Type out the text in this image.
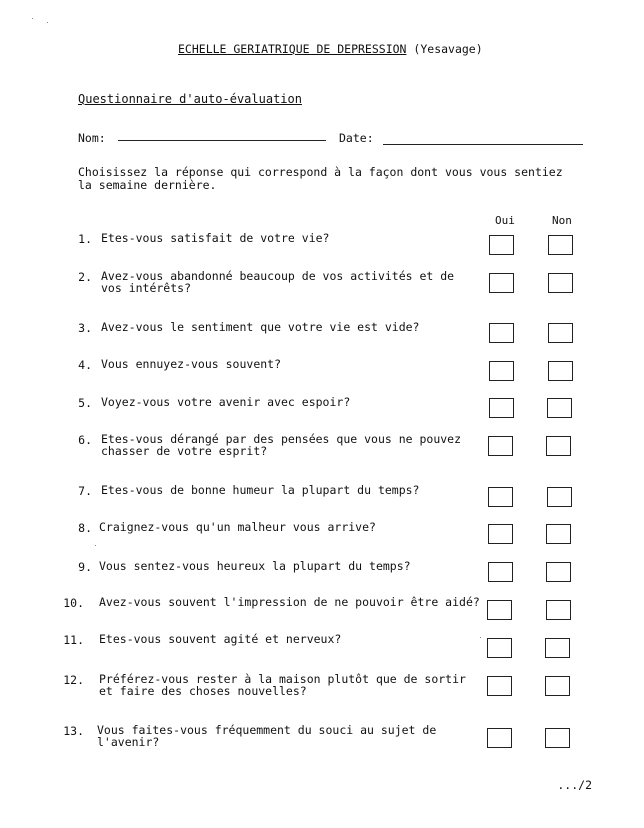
ECHELLE GERIATRIQUE DE DEPRESSION (Yesavage)
Questionnaire d'auto-évaluation
Nom:	Date:
Choisissez la réponse qui correspond à la façon dont vous vous sentiez la semaine dernière.
Oui	Non
1. Etes-vous satisfait de votre vie?
2. Avez-vous abandonné beaucoup de vos activités et de
vos intérêts?
3. Avez-vous le sentiment que votre vie est vide?
4. Vous ennuyez-vous souvent?
5. Voyez-vous votre avenir avec espoir?
6. Etes-vous dérangé par des pensées que vous ne pouvez
chasser de votre esprit?
7. Etes-vous de bonne humeur la plupart du temps?
8. Craignez-vous qu'un malheur vous arrive?
9. Vous sentez-vous heureux la plupart du temps?
10. Avez-vous souvent l'impression de ne pouvoir être aidé?
11. Etes-vous souvent agité et nerveux?
12. Préférez-vous rester à la maison plutôt que de sortir
et faire des choses nouvelles?
13. Vous faites-vous fréquemment du souci au sujet de
l'avenir?
.../2
